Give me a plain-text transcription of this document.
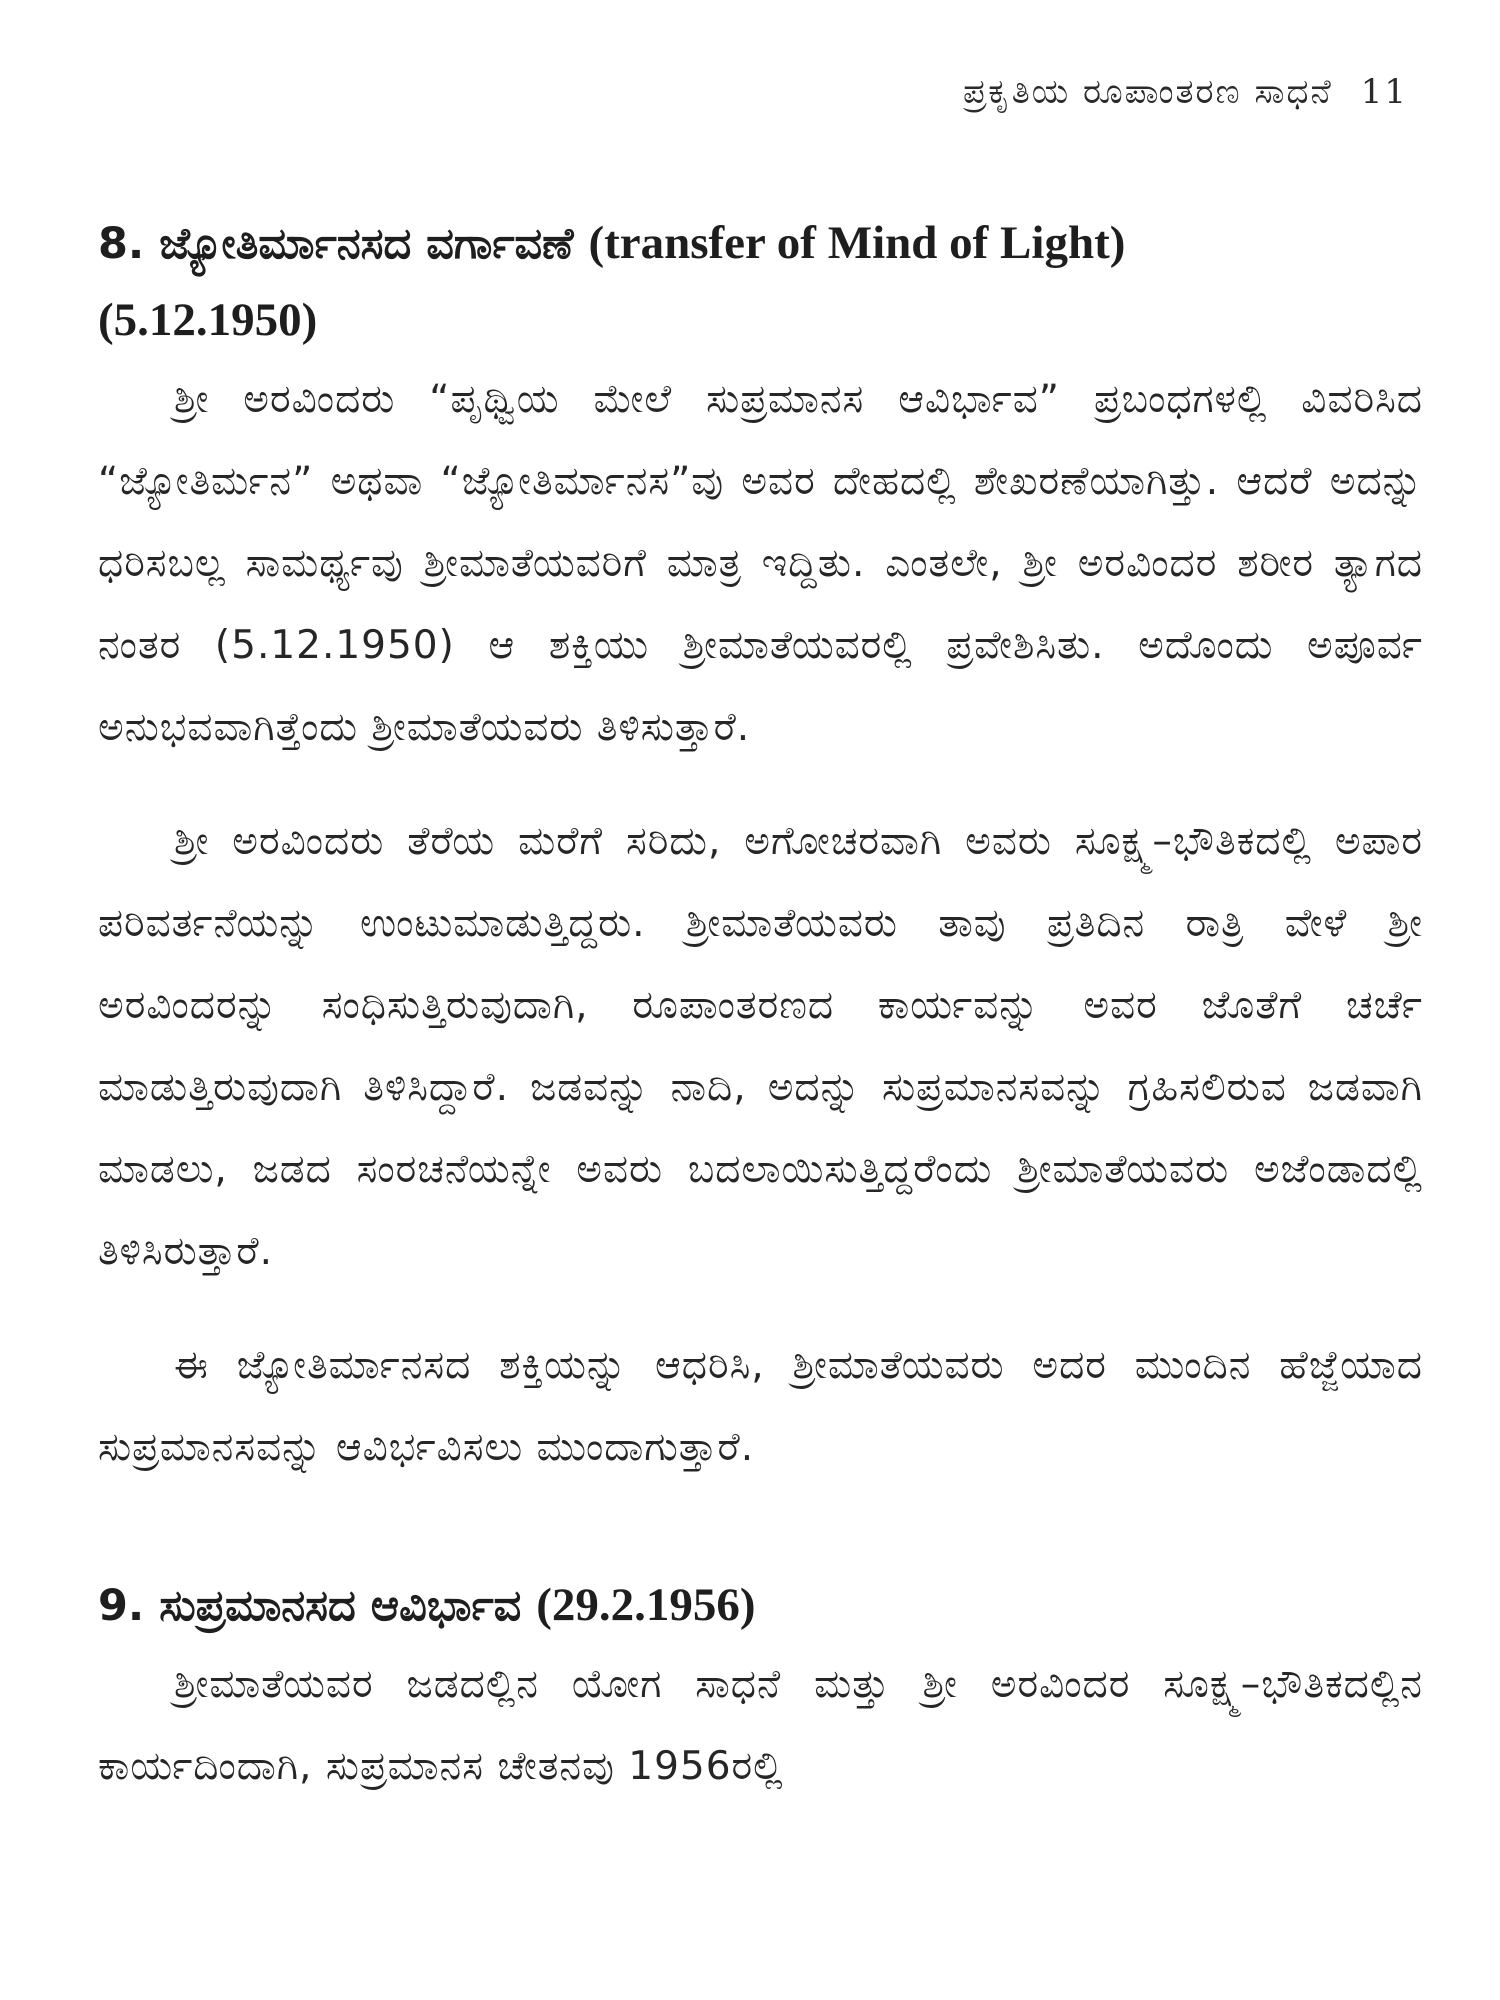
ಪ್ರಕೃತಿಯ ರೂಪಾಂತರಣ ಸಾಧನೆ 11
8. ಜ್ಯೋತಿರ್ಮಾನಸದ ವರ್ಗಾವಣೆ (transfer of Mind of Light)
(5.12.1950)

ಶ್ರೀ ಅರವಿಂದರು “ಪೃಥ್ವಿಯ ಮೇಲೆ ಸುಪ್ರಮಾನಸ ಆವಿರ್ಭಾವ” ಪ್ರಬಂಧಗಳಲ್ಲಿ ವಿವರಿಸಿದ “ಜ್ಯೋತಿರ್ಮನ” ಅಥವಾ “ಜ್ಯೋತಿರ್ಮಾನಸ”ವು ಅವರ ದೇಹದಲ್ಲಿ ಶೇಖರಣೆಯಾಗಿತ್ತು. ಆದರೆ ಅದನ್ನು ಧರಿಸಬಲ್ಲ ಸಾಮರ್ಥ್ಯವು ಶ್ರೀಮಾತೆಯವರಿಗೆ ಮಾತ್ರ ಇದ್ದಿತು. ಎಂತಲೇ, ಶ್ರೀ ಅರವಿಂದರ ಶರೀರ ತ್ಯಾಗದ ನಂತರ (5.12.1950) ಆ ಶಕ್ತಿಯು ಶ್ರೀಮಾತೆಯವರಲ್ಲಿ ಪ್ರವೇಶಿಸಿತು. ಅದೊಂದು ಅಪೂರ್ವ ಅನುಭವವಾಗಿತ್ತೆಂದು ಶ್ರೀಮಾತೆಯವರು ತಿಳಿಸುತ್ತಾರೆ.

ಶ್ರೀ ಅರವಿಂದರು ತೆರೆಯ ಮರೆಗೆ ಸರಿದು, ಅಗೋಚರವಾಗಿ ಅವರು ಸೂಕ್ಷ್ಮ–ಭೌತಿಕದಲ್ಲಿ ಅಪಾರ ಪರಿವರ್ತನೆಯನ್ನು ಉಂಟುಮಾಡುತ್ತಿದ್ದರು. ಶ್ರೀಮಾತೆಯವರು ತಾವು ಪ್ರತಿದಿನ ರಾತ್ರಿ ವೇಳೆ ಶ್ರೀ ಅರವಿಂದರನ್ನು ಸಂಧಿಸುತ್ತಿರುವುದಾಗಿ, ರೂಪಾಂತರಣದ ಕಾರ್ಯವನ್ನು ಅವರ ಜೊತೆಗೆ ಚರ್ಚೆ ಮಾಡುತ್ತಿರುವುದಾಗಿ ತಿಳಿಸಿದ್ದಾರೆ. ಜಡವನ್ನು ನಾದಿ, ಅದನ್ನು ಸುಪ್ರಮಾನಸವನ್ನು ಗ್ರಹಿಸಲಿರುವ ಜಡವಾಗಿ ಮಾಡಲು, ಜಡದ ಸಂರಚನೆಯನ್ನೇ ಅವರು ಬದಲಾಯಿಸುತ್ತಿದ್ದರೆಂದು ಶ್ರೀಮಾತೆಯವರು ಅಜೆಂಡಾದಲ್ಲಿ ತಿಳಿಸಿರುತ್ತಾರೆ.

ಈ ಜ್ಯೋತಿರ್ಮಾನಸದ ಶಕ್ತಿಯನ್ನು ಆಧರಿಸಿ, ಶ್ರೀಮಾತೆಯವರು ಅದರ ಮುಂದಿನ ಹೆಜ್ಜೆಯಾದ ಸುಪ್ರಮಾನಸವನ್ನು ಆವಿರ್ಭವಿಸಲು ಮುಂದಾಗುತ್ತಾರೆ.

9. ಸುಪ್ರಮಾನಸದ ಆವಿರ್ಭಾವ (29.2.1956)

ಶ್ರೀಮಾತೆಯವರ ಜಡದಲ್ಲಿನ ಯೋಗ ಸಾಧನೆ ಮತ್ತು ಶ್ರೀ ಅರವಿಂದರ ಸೂಕ್ಷ್ಮ–ಭೌತಿಕದಲ್ಲಿನ ಕಾರ್ಯದಿಂದಾಗಿ, ಸುಪ್ರಮಾನಸ ಚೇತನವು 1956ರಲ್ಲಿ
